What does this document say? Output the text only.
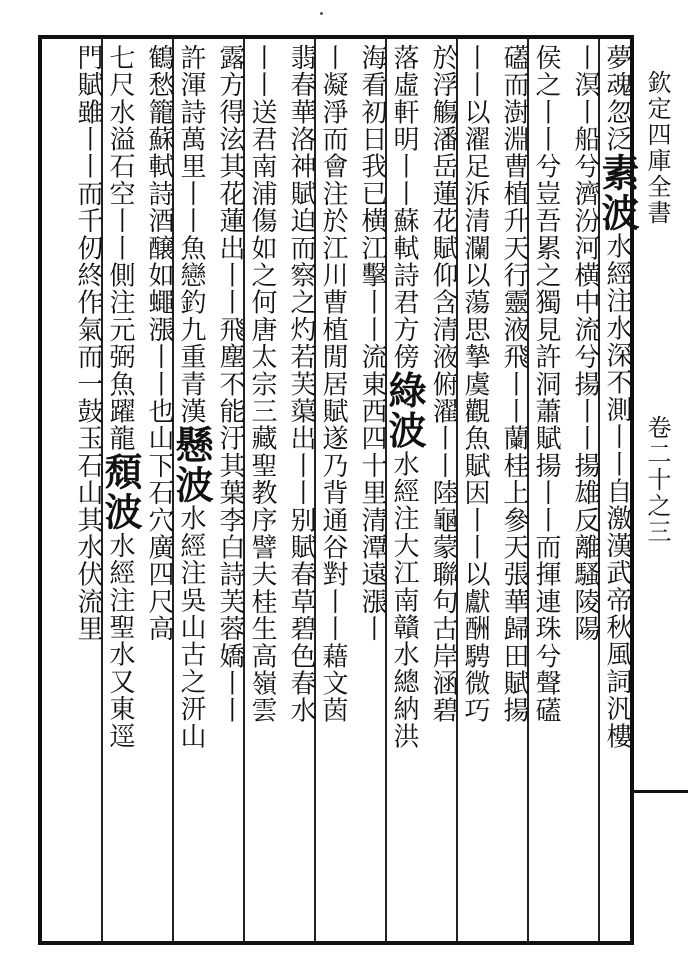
夢魂忽泛素波水經注水深不測丨丨自激漢武帝秋風詞汎樓
丨溟丨船兮濟汾河横中流兮揚丨丨揚雄反離騷陵陽
侯之丨丨兮豈吾累之獨見許洞蕭賦揚丨丨而揮連珠兮聲礚
礚而澍淵曹植升天行靈液飛丨丨蘭桂上參天張華歸田賦揚
丨丨以濯足泝清瀾以蕩思摯虞觀魚賦因丨丨以獻酬騁微巧
於浮觴潘岳蓮花賦仰含清液俯濯丨丨陸龜蒙聯句古岸涵碧
落虛軒明丨丨蘇軾詩君方傍綠波水經注大江南贛水總納洪
海看初日我已横江擊丨丨流東西四十里清潭遠漲丨
丨凝淨而會注於江川曹植閒居賦遂乃背通谷對丨丨藉文茵
翡春華洛神賦迫而察之灼若芙蕖出丨丨别賦春草碧色春水
丨丨送君南浦傷如之何唐太宗三藏聖教序譬夫桂生高嶺雲
露方得泫其花蓮出丨丨飛塵不能汙其葉李白詩芙蓉嬌丨丨
許渾詩萬里丨丨魚戀釣九重青漢懸波水經注吳山古之汧山
鶴愁籠蘇軾詩酒醸如蠅漲丨丨也山下石穴廣四尺高
七尺水溢石空丨丨側注元弼魚躍龍頹波水經注聖水又東逕
門賦雖丨丨而千仞終作氣而一鼓玉石山其水伏流里
欽定四庫全書
卷二十之三
